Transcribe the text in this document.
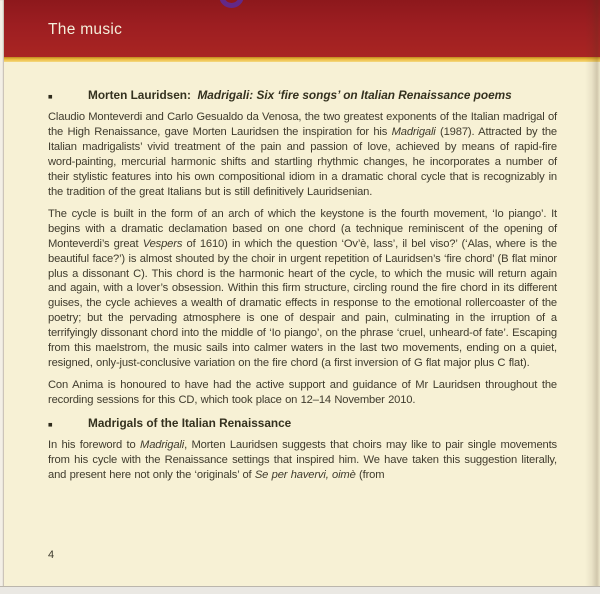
The music
■	Morten Lauridsen:  Madrigali: Six ‘fire songs’ on Italian Renaissance poems

Claudio Monteverdi and Carlo Gesualdo da Venosa, the two greatest exponents of the Italian madrigal of the High Renaissance, gave Morten Lauridsen the inspiration for his Madrigali (1987). Attracted by the Italian madrigalists’ vivid treatment of the pain and passion of love, achieved by means of rapid-fire word-painting, mercurial harmonic shifts and startling rhythmic changes, he incorporates a number of their stylistic features into his own compositional idiom in a dramatic choral cycle that is recognizably in the tradition of the great Italians but is still definitively Lauridsenian.

The cycle is built in the form of an arch of which the keystone is the fourth movement, ‘Io piango’. It begins with a dramatic declamation based on one chord (a technique reminiscent of the opening of Monteverdi’s great Vespers of 1610) in which the question ‘Ov’è, lass’, il bel viso?’ (‘Alas, where is the beautiful face?’) is almost shouted by the choir in urgent repetition of Lauridsen’s ‘fire chord’ (B flat minor plus a dissonant C). This chord is the harmonic heart of the cycle, to which the music will return again and again, with a lover’s obsession. Within this firm structure, circling round the fire chord in its different guises, the cycle achieves a wealth of dramatic effects in response to the emotional rollercoaster of the poetry; but the pervading atmosphere is one of despair and pain, culminating in the irruption of a terrifyingly dissonant chord into the middle of ‘Io piango’, on the phrase ‘cruel, unheard-of fate’. Escaping from this maelstrom, the music sails into calmer waters in the last two movements, ending on a quiet, resigned, only-just-conclusive variation on the fire chord (a first inversion of G flat major plus C flat).

Con Anima is honoured to have had the active support and guidance of Mr Lauridsen throughout the recording sessions for this CD, which took place on 12–14 November 2010.

■	Madrigals of the Italian Renaissance

In his foreword to Madrigali, Morten Lauridsen suggests that choirs may like to pair single movements from his cycle with the Renaissance settings that inspired him. We have taken this suggestion literally, and present here not only the ‘originals’ of Se per havervi, oimè (from

4
